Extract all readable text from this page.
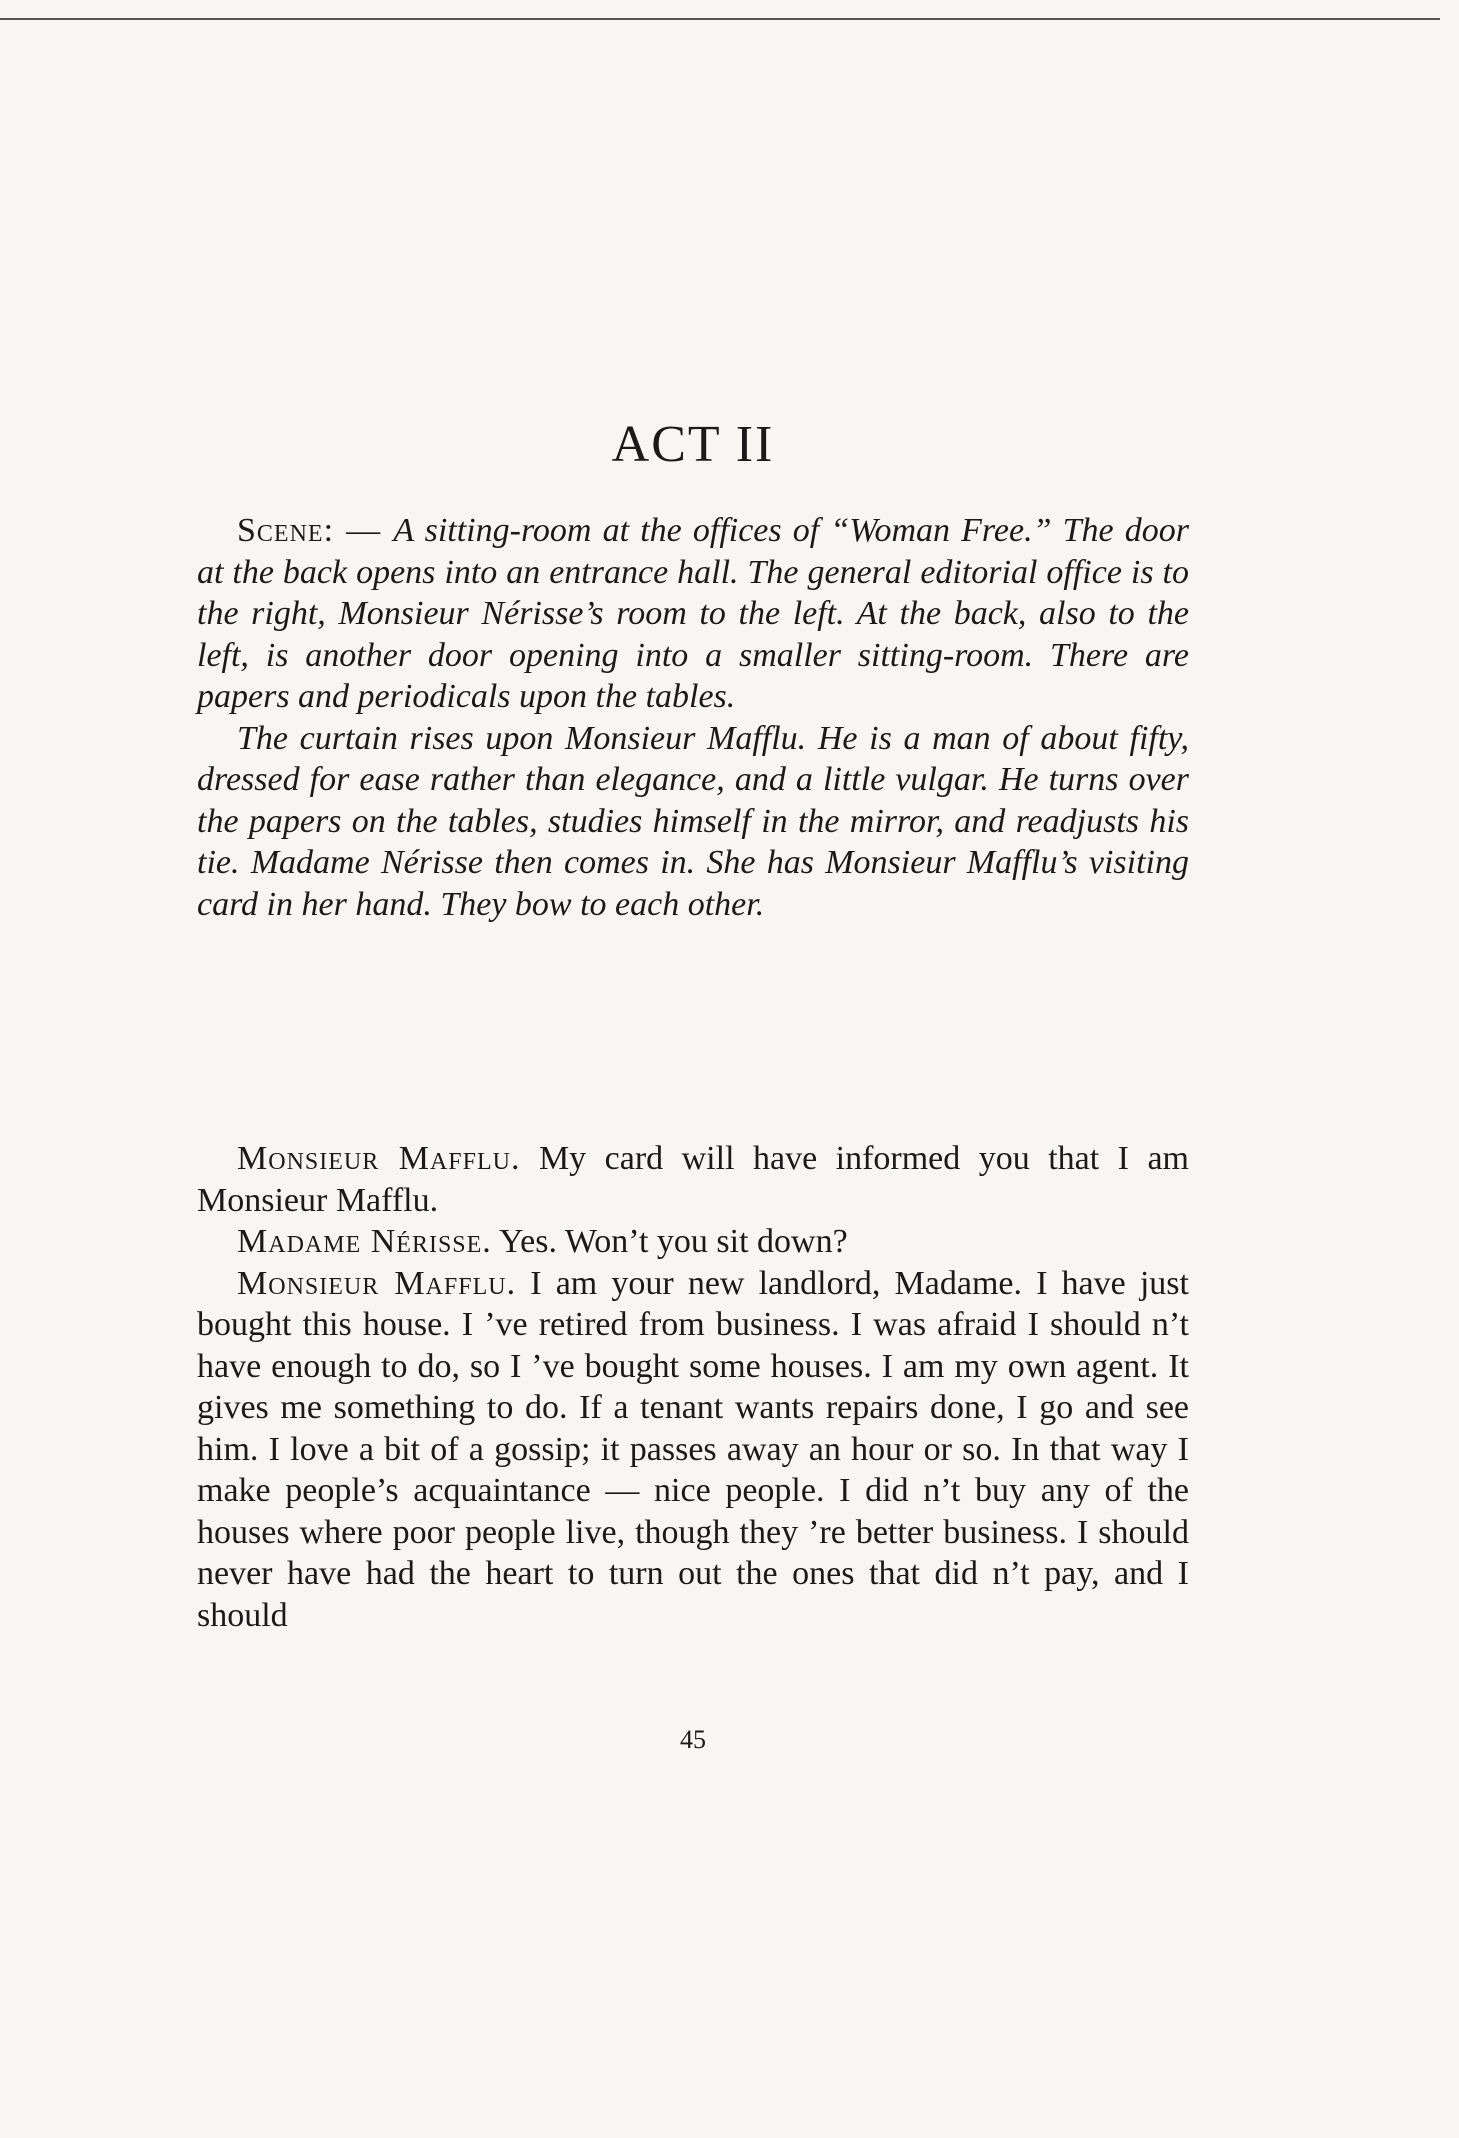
ACT II

Scene: — A sitting-room at the offices of “Woman Free.” The door at the back opens into an entrance hall. The general editorial office is to the right, Monsieur Nérisse’s room to the left. At the back, also to the left, is another door opening into a smaller sitting-room. There are papers and periodicals upon the tables.

The curtain rises upon Monsieur Mafflu. He is a man of about fifty, dressed for ease rather than elegance, and a little vulgar. He turns over the papers on the tables, studies himself in the mirror, and readjusts his tie. Madame Nérisse then comes in. She has Monsieur Mafflu’s visiting card in her hand. They bow to each other.

Monsieur Mafflu. My card will have informed you that I am Monsieur Mafflu.

Madame Nérisse. Yes. Won’t you sit down?

Monsieur Mafflu. I am your new landlord, Madame. I have just bought this house. I ’ve retired from business. I was afraid I should n’t have enough to do, so I ’ve bought some houses. I am my own agent. It gives me something to do. If a tenant wants repairs done, I go and see him. I love a bit of a gossip; it passes away an hour or so. In that way I make people’s acquaintance — nice people. I did n’t buy any of the houses where poor people live, though they ’re better business. I should never have had the heart to turn out the ones that did n’t pay, and I should

45
